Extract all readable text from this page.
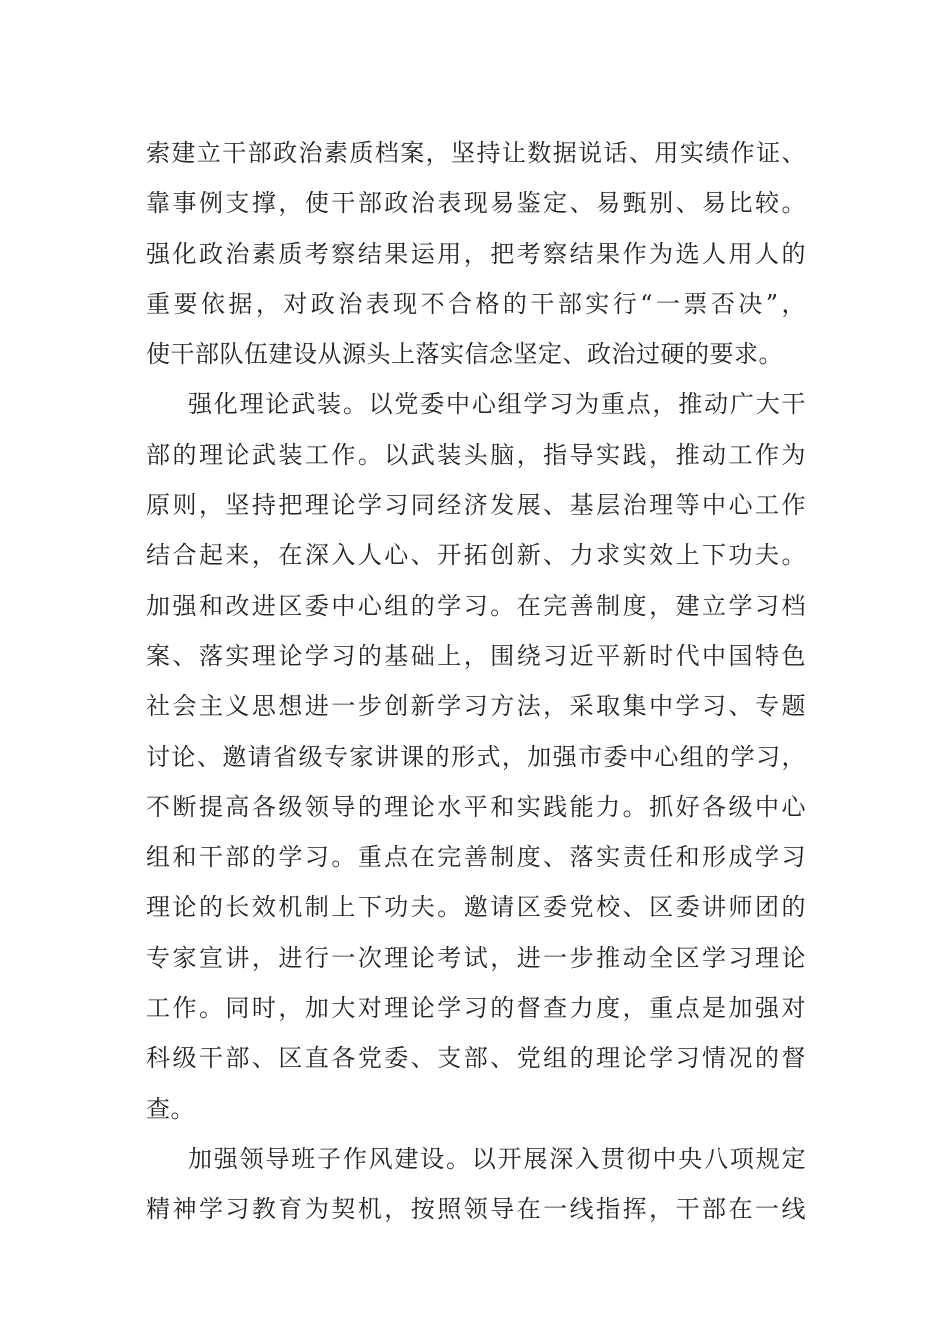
索建立干部政治素质档案，坚持让数据说话、用实绩作证、
靠事例支撑，使干部政治表现易鉴定、易甄别、易比较。
强化政治素质考察结果运用，把考察结果作为选人用人的
重要依据，对政治表现不合格的干部实行“一票否决”，
使干部队伍建设从源头上落实信念坚定、政治过硬的要求。
强化理论武装。以党委中心组学习为重点，推动广大干
部的理论武装工作。以武装头脑，指导实践，推动工作为
原则，坚持把理论学习同经济发展、基层治理等中心工作
结合起来，在深入人心、开拓创新、力求实效上下功夫。
加强和改进区委中心组的学习。在完善制度，建立学习档
案、落实理论学习的基础上，围绕习近平新时代中国特色
社会主义思想进一步创新学习方法，采取集中学习、专题
讨论、邀请省级专家讲课的形式，加强市委中心组的学习，
不断提高各级领导的理论水平和实践能力。抓好各级中心
组和干部的学习。重点在完善制度、落实责任和形成学习
理论的长效机制上下功夫。邀请区委党校、区委讲师团的
专家宣讲，进行一次理论考试，进一步推动全区学习理论
工作。同时，加大对理论学习的督查力度，重点是加强对
科级干部、区直各党委、支部、党组的理论学习情况的督
查。
加强领导班子作风建设。以开展深入贯彻中央八项规定
精神学习教育为契机，按照领导在一线指挥，干部在一线
